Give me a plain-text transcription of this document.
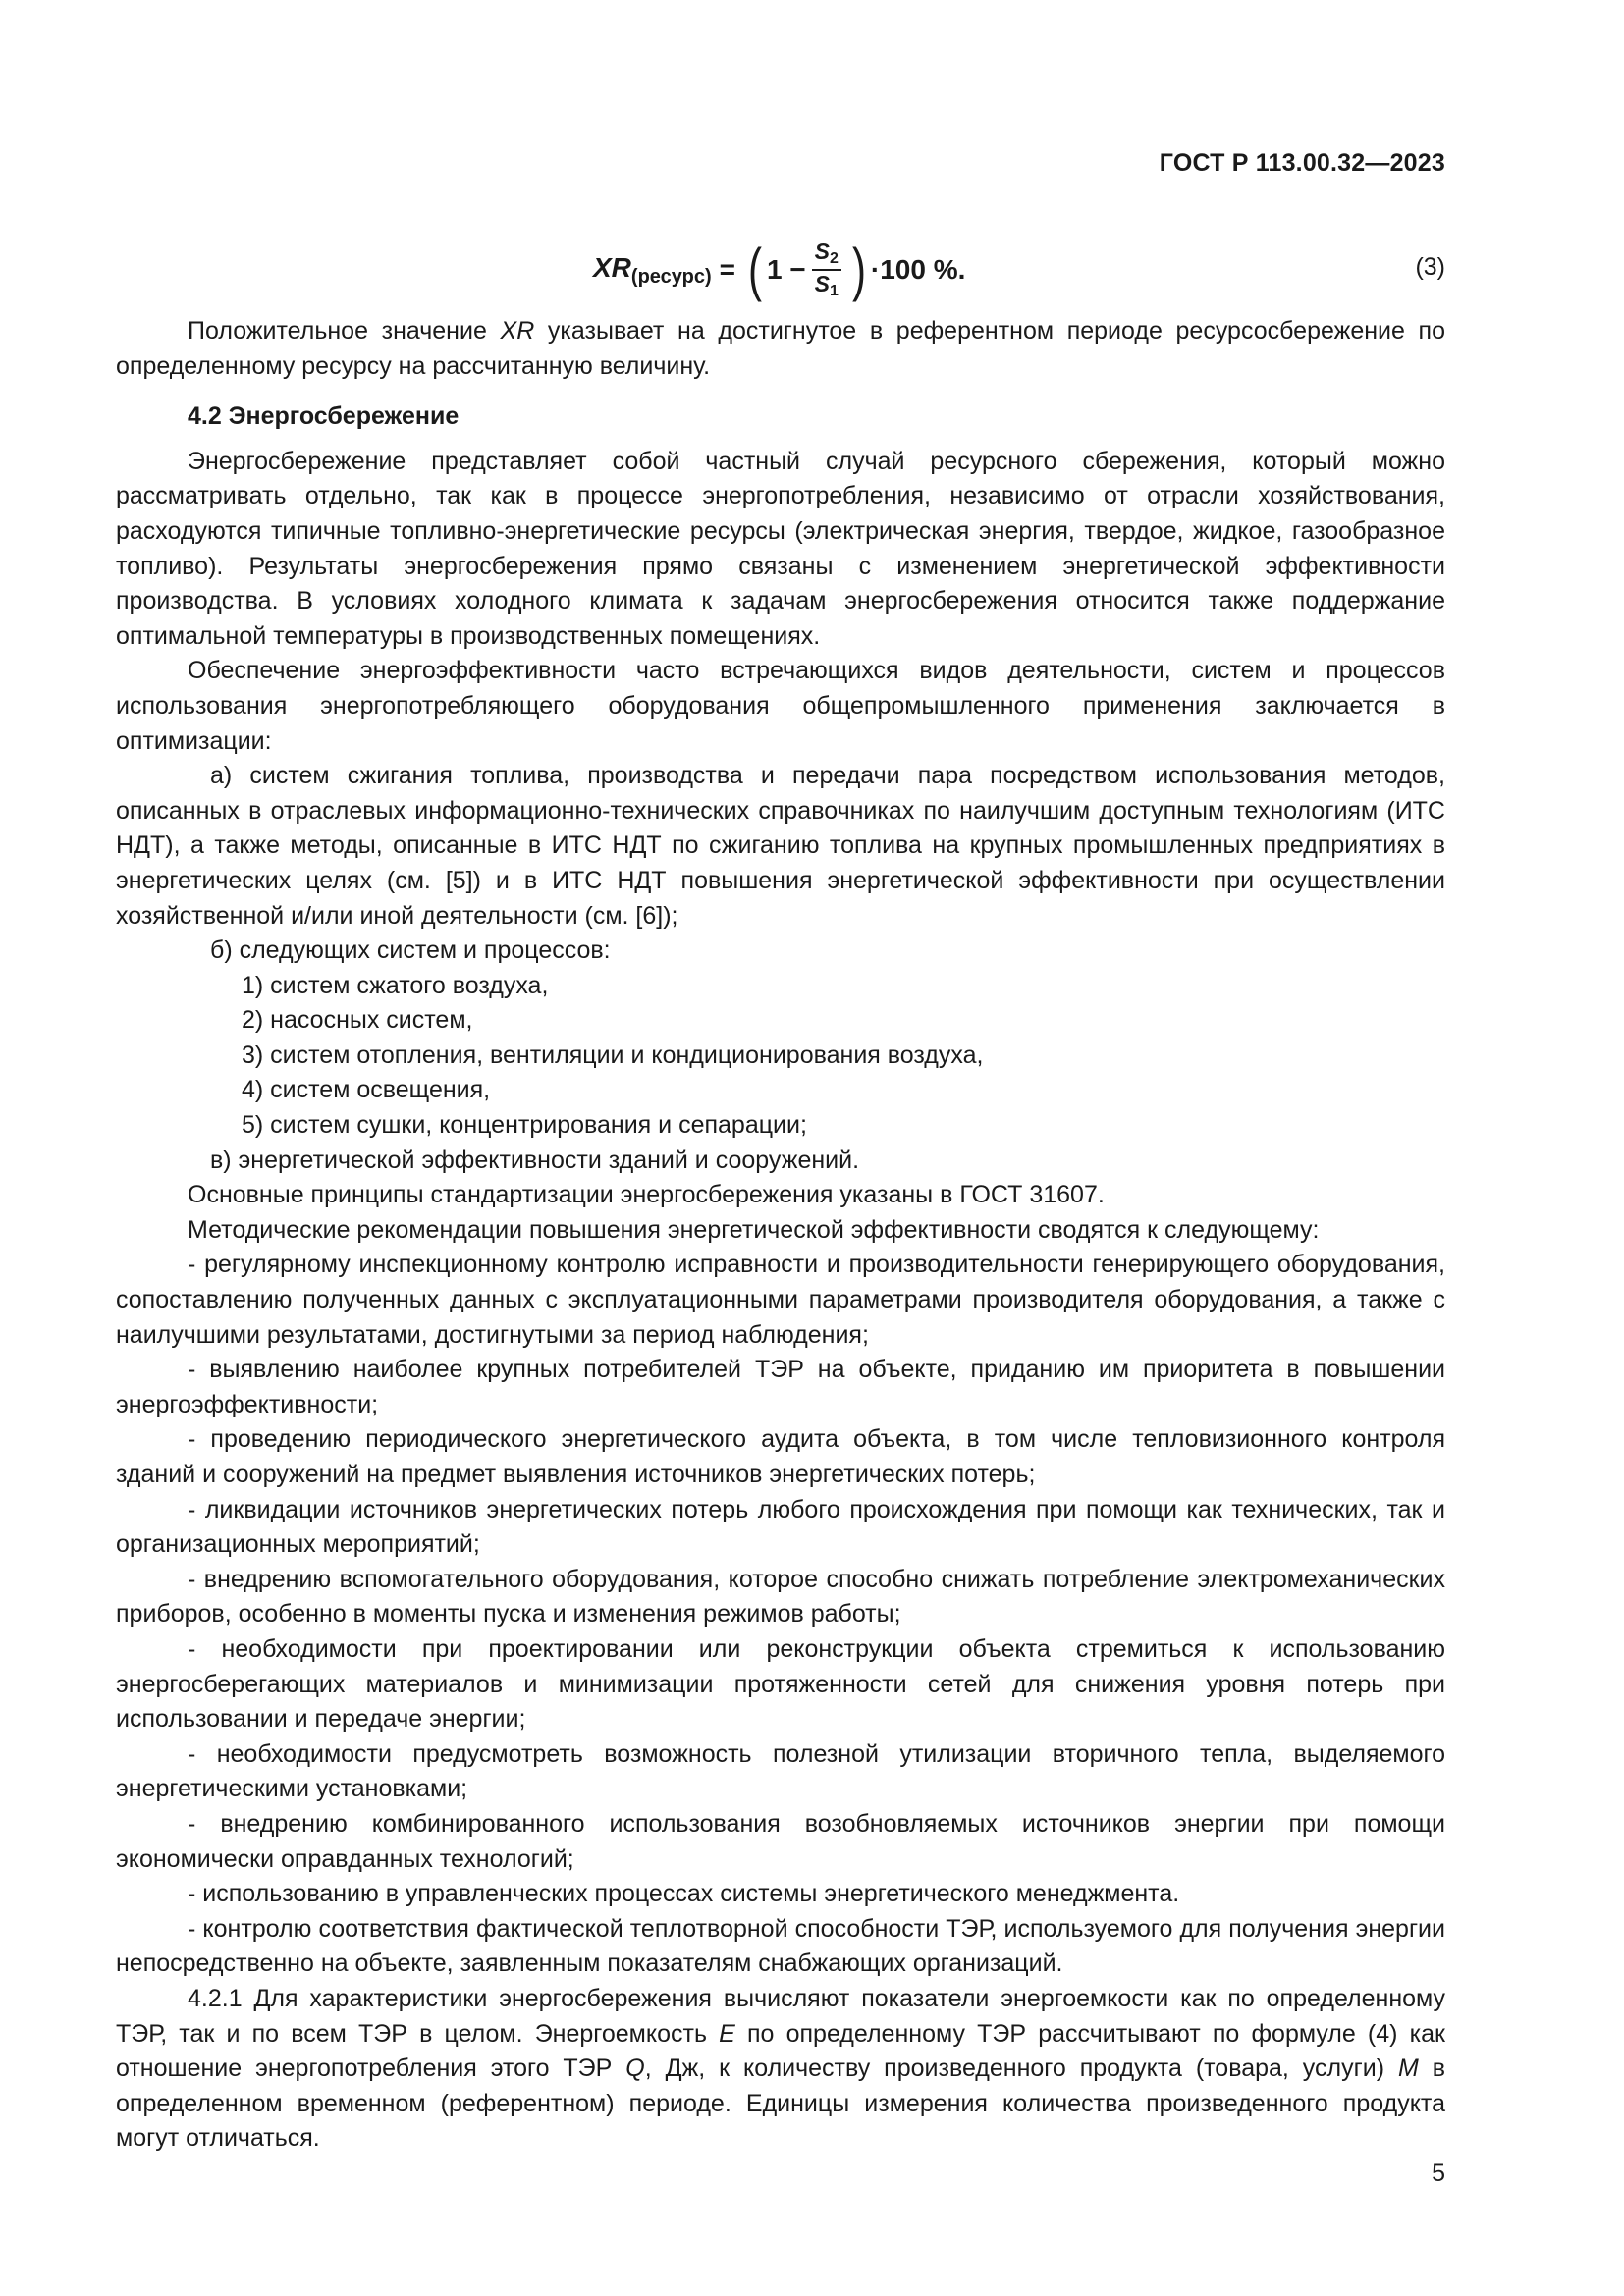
ГОСТ Р 113.00.32—2023
$XR_{(ресурс)}$ = ( $1 - \frac{S_2}{S_1}$ ) ·100 %.	(3)

Положительное значение XR указывает на достигнутое в референтном периоде ресурсосбережение по определенному ресурсу на рассчитанную величину.

4.2 Энергосбережение

Энергосбережение представляет собой частный случай ресурсного сбережения, который можно рассматривать отдельно, так как в процессе энергопотребления, независимо от отрасли хозяйствования, расходуются типичные топливно-энергетические ресурсы (электрическая энергия, твердое, жидкое, газообразное топливо). Результаты энергосбережения прямо связаны с изменением энергетической эффективности производства. В условиях холодного климата к задачам энергосбережения относится также поддержание оптимальной температуры в производственных помещениях.

Обеспечение энергоэффективности часто встречающихся видов деятельности, систем и процессов использования энергопотребляющего оборудования общепромышленного применения заключается в оптимизации:

а) систем сжигания топлива, производства и передачи пара посредством использования методов, описанных в отраслевых информационно-технических справочниках по наилучшим доступным технологиям (ИТС НДТ), а также методы, описанные в ИТС НДТ по сжиганию топлива на крупных промышленных предприятиях в энергетических целях (см. [5]) и в ИТС НДТ повышения энергетической эффективности при осуществлении хозяйственной и/или иной деятельности (см. [6]);

б) следующих систем и процессов:

1) систем сжатого воздуха,

2) насосных систем,

3) систем отопления, вентиляции и кондиционирования воздуха,

4) систем освещения,

5) систем сушки, концентрирования и сепарации;

в) энергетической эффективности зданий и сооружений.

Основные принципы стандартизации энергосбережения указаны в ГОСТ 31607.

Методические рекомендации повышения энергетической эффективности сводятся к следующему:

- регулярному инспекционному контролю исправности и производительности генерирующего оборудования, сопоставлению полученных данных с эксплуатационными параметрами производителя оборудования, а также с наилучшими результатами, достигнутыми за период наблюдения;

- выявлению наиболее крупных потребителей ТЭР на объекте, приданию им приоритета в повышении энергоэффективности;

- проведению периодического энергетического аудита объекта, в том числе тепловизионного контроля зданий и сооружений на предмет выявления источников энергетических потерь;

- ликвидации источников энергетических потерь любого происхождения при помощи как технических, так и организационных мероприятий;

- внедрению вспомогательного оборудования, которое способно снижать потребление электромеханических приборов, особенно в моменты пуска и изменения режимов работы;

- необходимости при проектировании или реконструкции объекта стремиться к использованию энергосберегающих материалов и минимизации протяженности сетей для снижения уровня потерь при использовании и передаче энергии;

- необходимости предусмотреть возможность полезной утилизации вторичного тепла, выделяемого энергетическими установками;

- внедрению комбинированного использования возобновляемых источников энергии при помощи экономически оправданных технологий;

- использованию в управленческих процессах системы энергетического менеджмента.

- контролю соответствия фактической теплотворной способности ТЭР, используемого для получения энергии непосредственно на объекте, заявленным показателям снабжающих организаций.

4.2.1 Для характеристики энергосбережения вычисляют показатели энергоемкости как по определенному ТЭР, так и по всем ТЭР в целом. Энергоемкость E по определенному ТЭР рассчитывают по формуле (4) как отношение энергопотребления этого ТЭР Q, Дж, к количеству произведенного продукта (товара, услуги) M в определенном временном (референтном) периоде. Единицы измерения количества произведенного продукта могут отличаться.

5
